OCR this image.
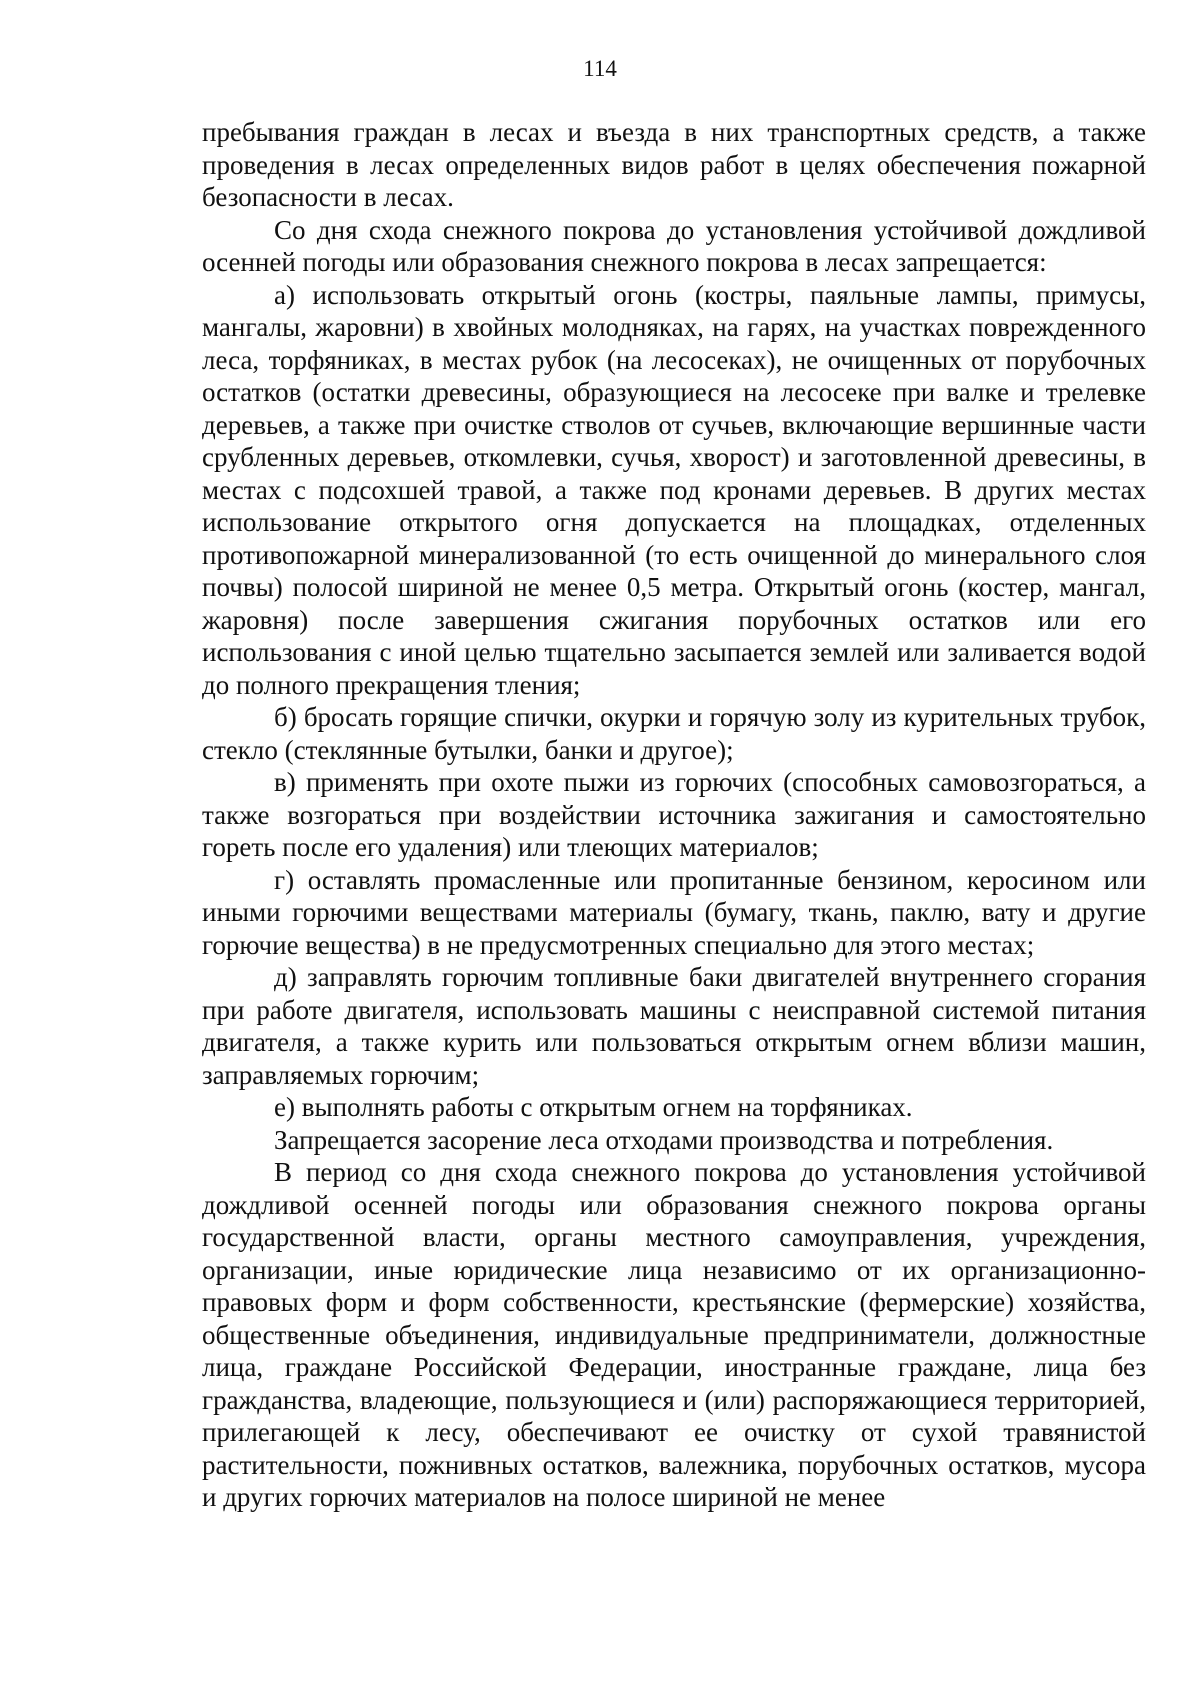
114

пребывания граждан в лесах и въезда в них транспортных средств, а также проведения в лесах определенных видов работ в целях обеспечения пожарной безопасности в лесах.

Со дня схода снежного покрова до установления устойчивой дождливой осенней погоды или образования снежного покрова в лесах запрещается:

а) использовать открытый огонь (костры, паяльные лампы, примусы, мангалы, жаровни) в хвойных молодняках, на гарях, на участках поврежденного леса, торфяниках, в местах рубок (на лесосеках), не очищенных от порубочных остатков (остатки древесины, образующиеся на лесосеке при валке и трелевке деревьев, а также при очистке стволов от сучьев, включающие вершинные части срубленных деревьев, откомлевки, сучья, хворост) и заготовленной древесины, в местах с подсохшей травой, а также под кронами деревьев. В других местах использование открытого огня допускается на площадках, отделенных противопожарной минерализованной (то есть очищенной до минерального слоя почвы) полосой шириной не менее 0,5 метра. Открытый огонь (костер, мангал, жаровня) после завершения сжигания порубочных остатков или его использования с иной целью тщательно засыпается землей или заливается водой до полного прекращения тления;

б) бросать горящие спички, окурки и горячую золу из курительных трубок, стекло (стеклянные бутылки, банки и другое);

в) применять при охоте пыжи из горючих (способных самовозгораться, а также возгораться при воздействии источника зажигания и самостоятельно гореть после его удаления) или тлеющих материалов;

г) оставлять промасленные или пропитанные бензином, керосином или иными горючими веществами материалы (бумагу, ткань, паклю, вату и другие горючие вещества) в не предусмотренных специально для этого местах;

д) заправлять горючим топливные баки двигателей внутреннего сгорания при работе двигателя, использовать машины с неисправной системой питания двигателя, а также курить или пользоваться открытым огнем вблизи машин, заправляемых горючим;

е) выполнять работы с открытым огнем на торфяниках.

Запрещается засорение леса отходами производства и потребления.

В период со дня схода снежного покрова до установления устойчивой дождливой осенней погоды или образования снежного покрова органы государственной власти, органы местного самоуправления, учреждения, организации, иные юридические лица независимо от их организационно-правовых форм и форм собственности, крестьянские (фермерские) хозяйства, общественные объединения, индивидуальные предприниматели, должностные лица, граждане Российской Федерации, иностранные граждане, лица без гражданства, владеющие, пользующиеся и (или) распоряжающиеся территорией, прилегающей к лесу, обеспечивают ее очистку от сухой травянистой растительности, пожнивных остатков, валежника, порубочных остатков, мусора и других горючих материалов на полосе шириной не менее
